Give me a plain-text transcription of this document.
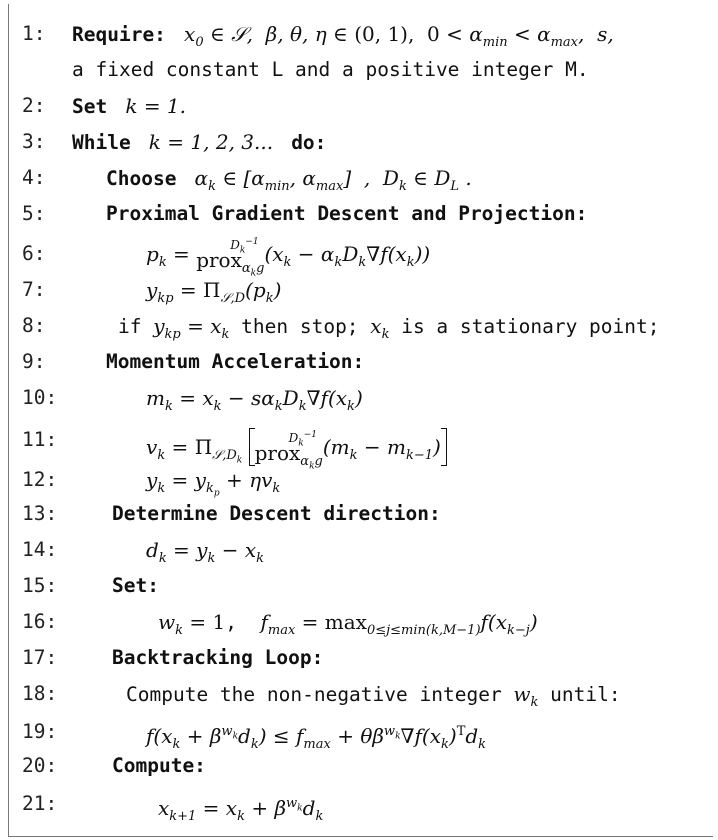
1:	Require:  $x_0$ ∈ 𝒮,  β, θ, η ∈ (0, 1),  $0 < \alpha_{min} < \alpha_{max}$,  s,
a fixed constant L and a positive integer M.
2:	Set  k = 1.
3:	While  k = 1, 2, 3...  do:
4:	Choose  $\alpha_k$ ∈ [$\alpha_{min}$, $\alpha_{max}$]  ,  $D_k$ ∈ $D_L$ .
5:	Proximal Gradient Descent and Projection:
6:	$p_k$ = prox$_{\alpha_kg}$
$D_k^{-1}$ $(x_k - \alpha_kD_k\nabla f(x_k))$
7:	$y_{kp} = \Pi_{𝒮,D}(p_k)$
8:	if $y_{kp} = x_k$ then stop; $x_k$ is a stationary point;
9:	Momentum Acceleration:
10:	$m_k = x_k - s\alpha_kD_k\nabla f(x_k)$
11:	$v_k = \Pi_{𝒮,D_k}$ prox$_{\alpha_kg}$
$D_k^{-1}$ $(m_k - m_{k-1})$
12:	$y_k = y_{k_p} + \eta v_k$
13:	Determine Descent direction:
14:	$d_k = y_k - x_k$
15:	Set:
16:	$w_k = 1$,  $f_{max} = \max_{0\le j\le min(k,M-1)}f(x_{k-j})$
17:	Backtracking Loop:
18:	Compute the non-negative integer $w_k$ until:
19:	$f(x_k + \beta^{w_k}d_k) \le f_{max} + \theta\beta^{w_k}\nabla f(x_k)^Td_k$
20:	Compute:
21:	$x_{k+1} = x_k + \beta^{w_k}d_k$
